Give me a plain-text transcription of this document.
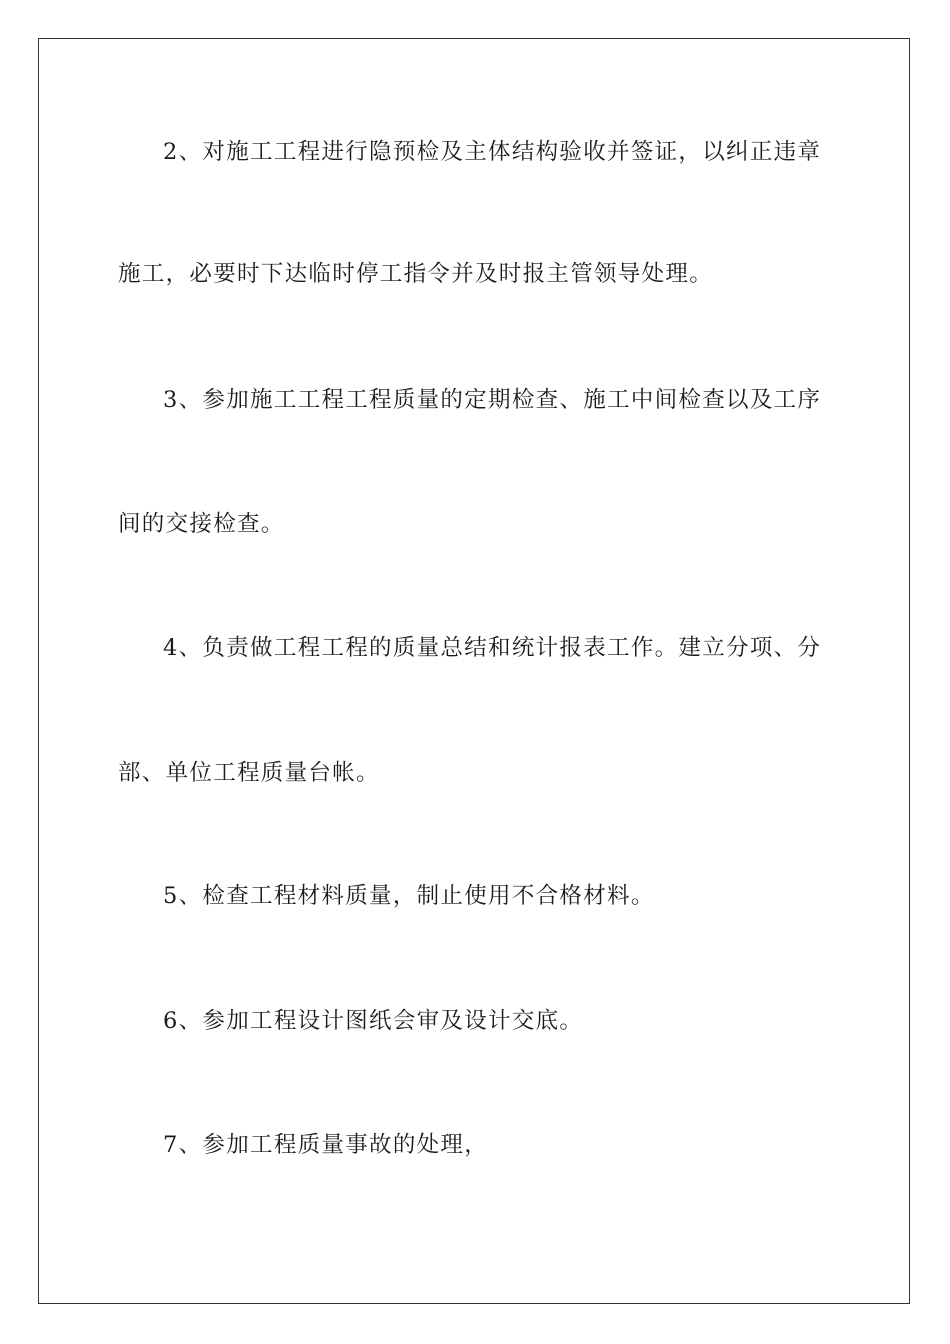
2、对施工工程进行隐预检及主体结构验收并签证，以纠正违章
施工，必要时下达临时停工指令并及时报主管领导处理。
3、参加施工工程工程质量的定期检查、施工中间检查以及工序
间的交接检查。
4、负责做工程工程的质量总结和统计报表工作。建立分项、分
部、单位工程质量台帐。
5、检查工程材料质量，制止使用不合格材料。
6、参加工程设计图纸会审及设计交底。
7、参加工程质量事故的处理，
